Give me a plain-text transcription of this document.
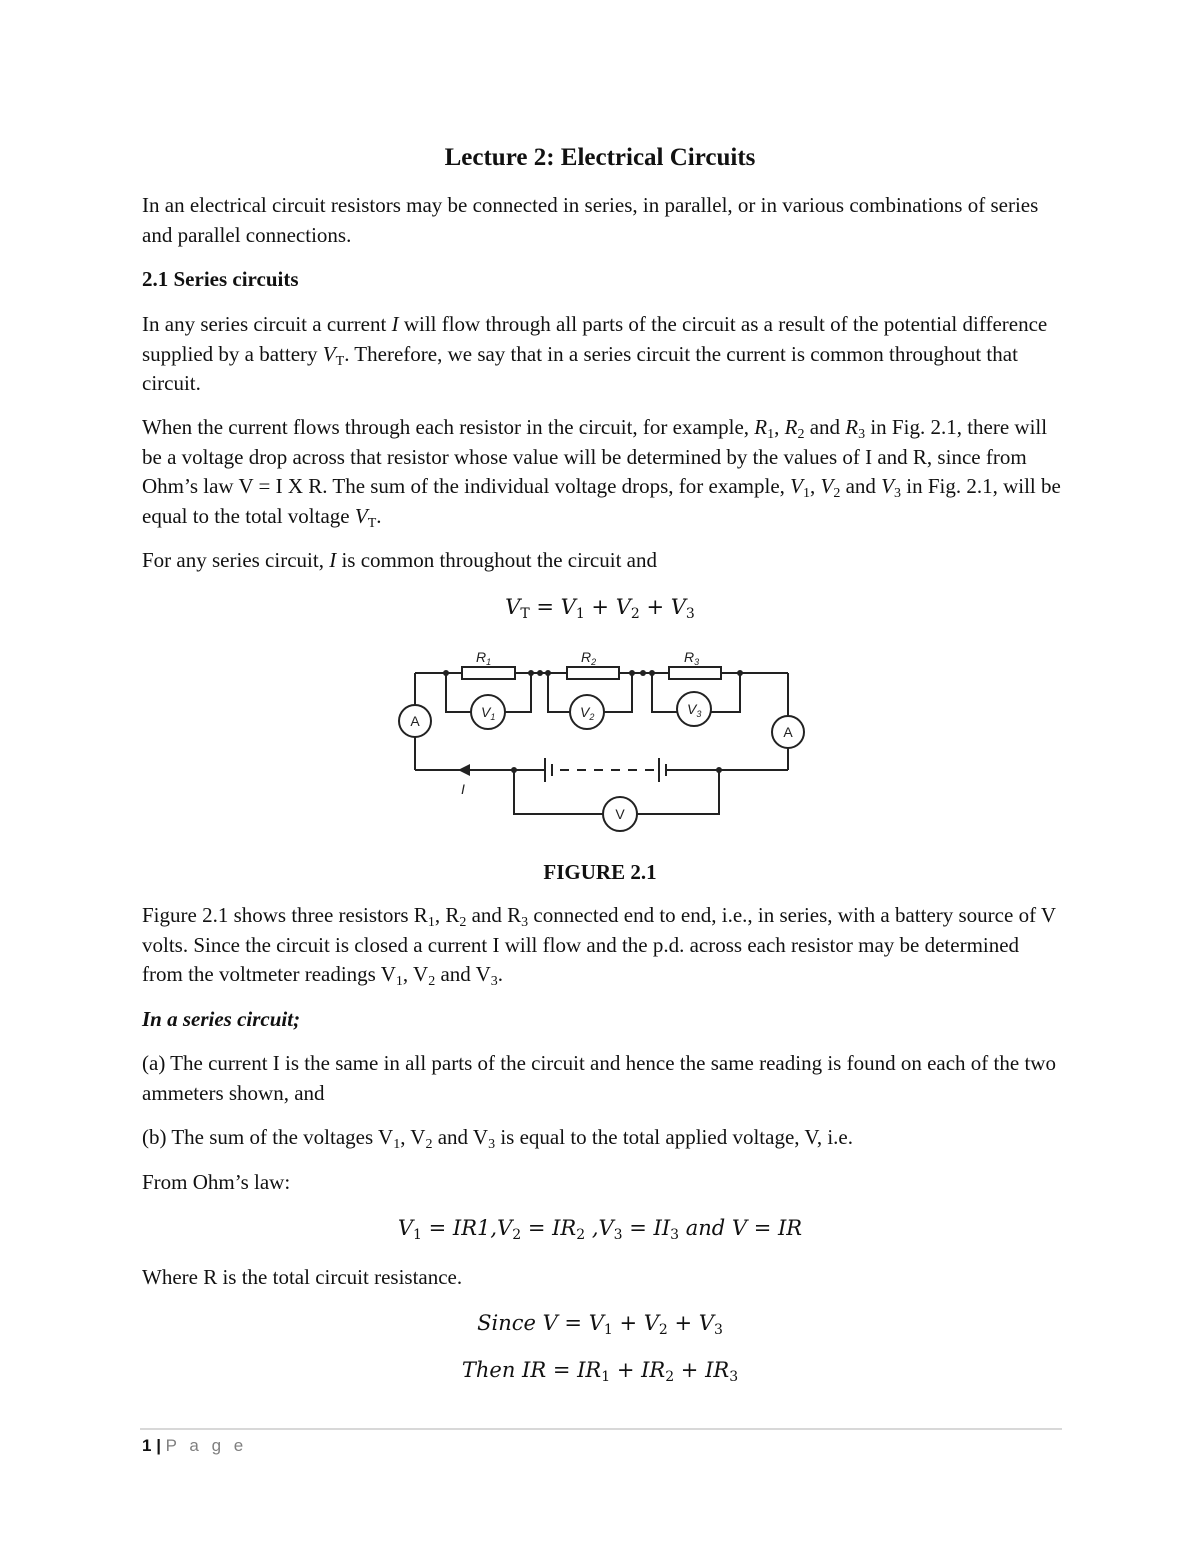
Lecture 2: Electrical Circuits

In an electrical circuit resistors may be connected in series, in parallel, or in various combinations of series and parallel connections.

2.1 Series circuits

In any series circuit a current I will flow through all parts of the circuit as a result of the potential difference supplied by a battery $V_T$. Therefore, we say that in a series circuit the current is common throughout that circuit.

When the current flows through each resistor in the circuit, for example, $R_1$, $R_2$ and $R_3$ in Fig. 2.1, there will be a voltage drop across that resistor whose value will be determined by the values of I and R, since from Ohm’s law V = I X R. The sum of the individual voltage drops, for example, $V_1$, $V_2$ and $V_3$ in Fig. 2.1, will be equal to the total voltage $V_T$.

For any series circuit, I is common throughout the circuit and

$V_T = V_1 + V_2 + V_3$
$R_1$	$R_2$	$R_3$
$V_1$	$V_2$	$V_3$
I
A
A
V
FIGURE 2.1

Figure 2.1 shows three resistors $R_1$, $R_2$ and $R_3$ connected end to end, i.e., in series, with a battery source of V volts. Since the circuit is closed a current I will flow and the p.d. across each resistor may be determined from the voltmeter readings $V_1$, $V_2$ and $V_3$.

In a series circuit;

(a) The current I is the same in all parts of the circuit and hence the same reading is found on each of the two ammeters shown, and

(b) The sum of the voltages $V_1$, $V_2$ and $V_3$ is equal to the total applied voltage, V, i.e.

From Ohm’s law:

$V_1 = IR1,V_2 = IR_2$ $,V_3 = II_3$ and V = IR

Where R is the total circuit resistance.

Since $V = V_1 + V_2 + V_3$
Then IR = $IR_1 + IR_2 + IR_3$
1 | P a g e
